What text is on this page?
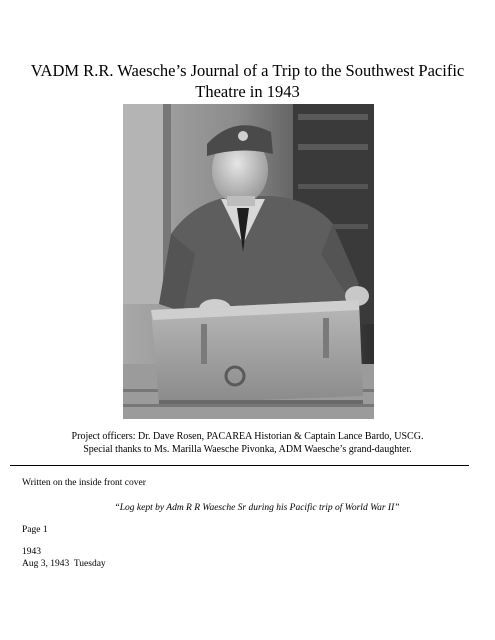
VADM R.R. Waesche’s Journal of a Trip to the Southwest Pacific Theatre in 1943
Project officers: Dr. Dave Rosen, PACAREA Historian & Captain Lance Bardo, USCG.
Special thanks to Ms. Marilla Waesche Pivonka, ADM Waesche’s grand-daughter.
Written on the inside front cover
“Log kept by Adm R R Waesche Sr during his Pacific trip of World War II”
Page 1
1943
Aug 3, 1943  Tuesday
